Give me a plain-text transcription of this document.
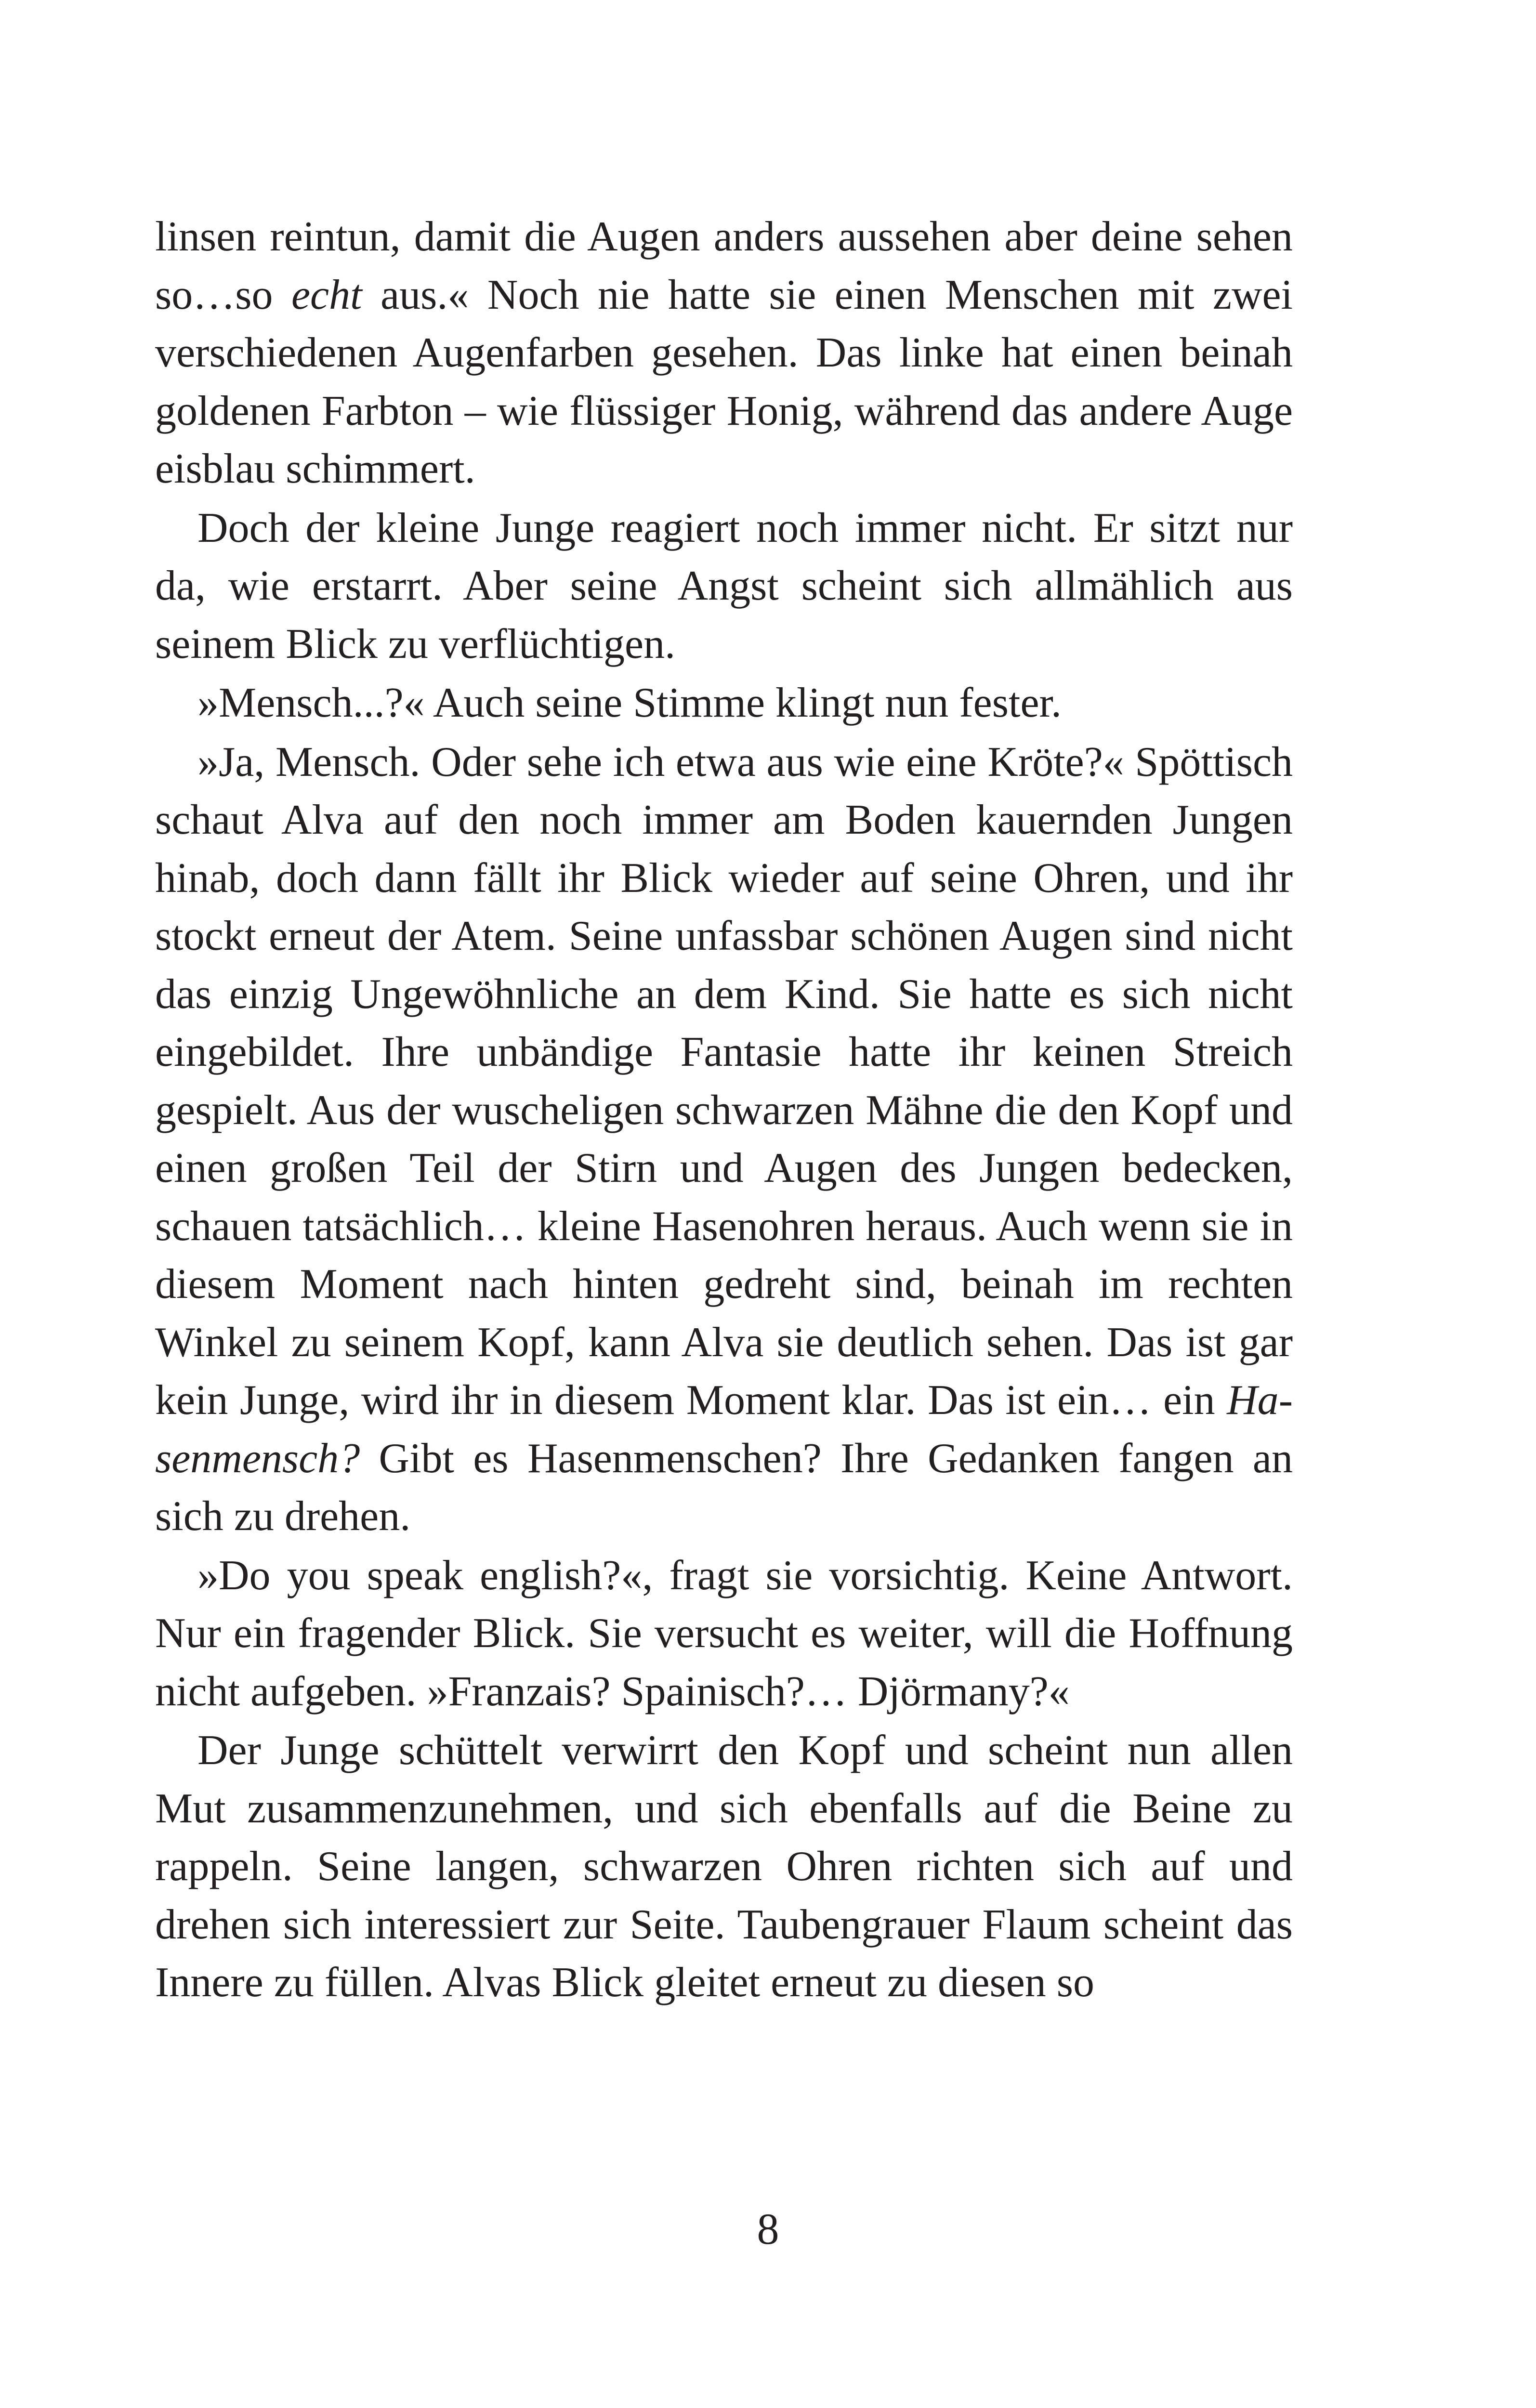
linsen reintun, damit die Augen anders aussehen aber deine sehen so…so echt aus.« Noch nie hatte sie einen Menschen mit zwei verschiedenen Augenfarben gesehen. Das linke hat einen beinah goldenen Farbton – wie flüssiger Honig, während das andere Auge eisblau schimmert.

Doch der kleine Junge reagiert noch immer nicht. Er sitzt nur da, wie erstarrt. Aber seine Angst scheint sich allmählich aus seinem Blick zu verflüchtigen.

»Mensch...?« Auch seine Stimme klingt nun fester.

»Ja, Mensch. Oder sehe ich etwa aus wie eine Kröte?« Spöttisch schaut Alva auf den noch immer am Boden kauernden Jungen hinab, doch dann fällt ihr Blick wieder auf seine Ohren, und ihr stockt erneut der Atem. Seine unfassbar schönen Augen sind nicht das einzig Ungewöhnliche an dem Kind. Sie hatte es sich nicht eingebildet. Ihre unbändige Fantasie hatte ihr keinen Streich gespielt. Aus der wuscheligen schwarzen Mähne die den Kopf und einen großen Teil der Stirn und Augen des Jungen bedecken, schauen tatsächlich… kleine Hasenohren heraus. Auch wenn sie in diesem Moment nach hinten gedreht sind, beinah im rechten Winkel zu seinem Kopf, kann Alva sie deutlich sehen. Das ist gar kein Junge, wird ihr in diesem Moment klar. Das ist ein… ein Hasenmensch? Gibt es Hasenmenschen? Ihre Gedanken fangen an sich zu drehen.

»Do you speak english?«, fragt sie vorsichtig. Keine Antwort. Nur ein fragender Blick. Sie versucht es weiter, will die Hoffnung nicht aufgeben. »Franzais? Spainisch?… Djörmany?«

Der Junge schüttelt verwirrt den Kopf und scheint nun allen Mut zusammenzunehmen, und sich ebenfalls auf die Beine zu rappeln. Seine langen, schwarzen Ohren richten sich auf und drehen sich interessiert zur Seite. Taubengrauer Flaum scheint das Innere zu füllen. Alvas Blick gleitet erneut zu diesen so

8
